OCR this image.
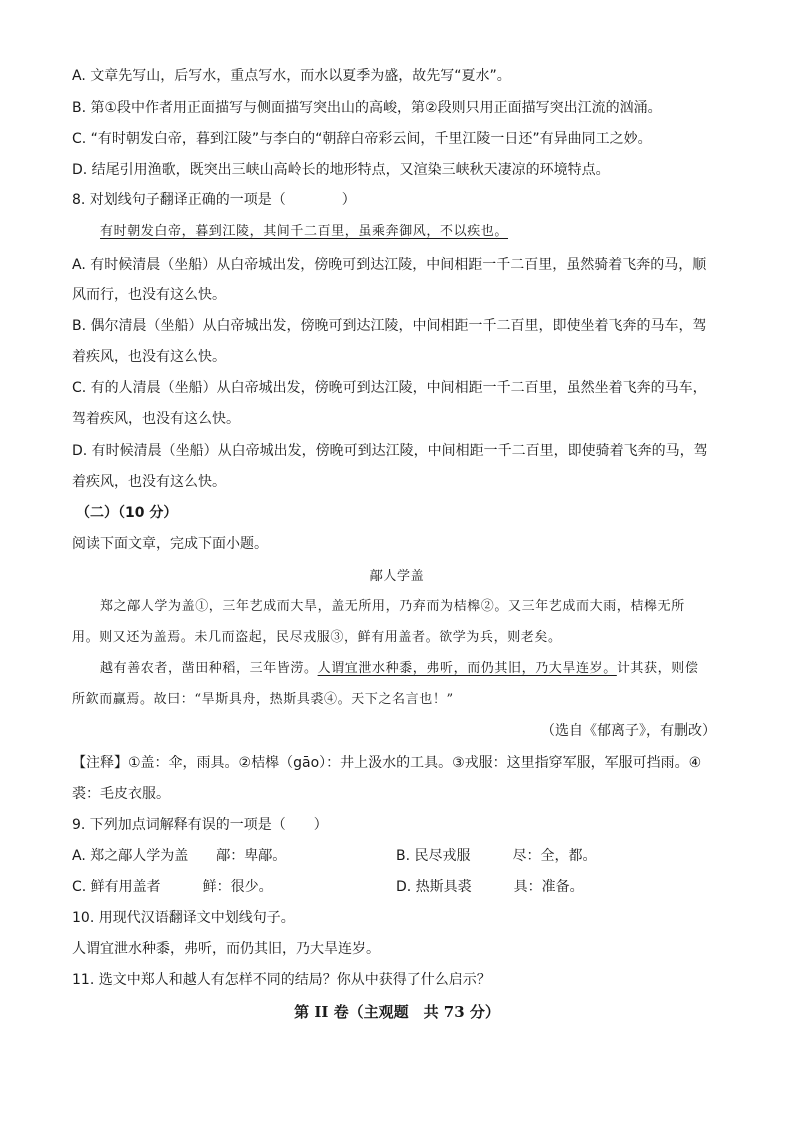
A. 文章先写山，后写水，重点写水，而水以夏季为盛，故先写“夏水”。
B. 第①段中作者用正面描写与侧面描写突出山的高峻，第②段则只用正面描写突出江流的汹涌。
C. “有时朝发白帝，暮到江陵”与李白的“朝辞白帝彩云间，千里江陵一日还”有异曲同工之妙。
D. 结尾引用渔歌，既突出三峡山高岭长的地形特点，又渲染三峡秋天凄凉的环境特点。
8. 对划线句子翻译正确的一项是（　　　　）
有时朝发白帝，暮到江陵，其间千二百里，虽乘奔御风，不以疾也。
A. 有时候清晨（坐船）从白帝城出发，傍晚可到达江陵，中间相距一千二百里，虽然骑着飞奔的马，顺
风而行，也没有这么快。
B. 偶尔清晨（坐船）从白帝城出发，傍晚可到达江陵，中间相距一千二百里，即使坐着飞奔的马车，驾
着疾风，也没有这么快。
C. 有的人清晨（坐船）从白帝城出发，傍晚可到达江陵，中间相距一千二百里，虽然坐着飞奔的马车，
驾着疾风，也没有这么快。
D. 有时候清晨（坐船）从白帝城出发，傍晚可到达江陵，中间相距一千二百里，即使骑着飞奔的马，驾
着疾风，也没有这么快。
（二）（10 分）
阅读下面文章，完成下面小题。
鄗人学盖
郑之鄗人学为盖①，三年艺成而大旱，盖无所用，乃弃而为桔槔②。又三年艺成而大雨，桔槔无所
用。则又还为盖焉。未几而盗起，民尽戎服③，鲜有用盖者。欲学为兵，则老矣。
越有善农者，凿田种稻，三年皆涝。人谓宜泄水种黍，弗听，而仍其旧，乃大旱连岁。计其获，则偿
所欽而赢焉。故曰：“旱斯具舟，热斯具裘④。天下之名言也！”
（选自《郁离子》，有删改）
【注释】①盖：伞，雨具。②桔槔（gāo）：井上汲水的工具。③戎服：这里指穿军服，军服可挡雨。④
裘：毛皮衣服。
9. 下列加点词解释有误的一项是（　　）
A. 郑之鄗人学为盖　　鄗：卑鄗。	B. 民尽戎服　　　尽：全，都。
C. 鲜有用盖者　　　鲜：很少。	D. 热斯具裘　　　具：准备。
10. 用现代汉语翻译文中划线句子。
人谓宜泄水种黍，弗听，而仍其旧，乃大旱连岁。
11. 选文中郑人和越人有怎样不同的结局？你从中获得了什么启示？
第 II 卷（主观题　共 73 分）
